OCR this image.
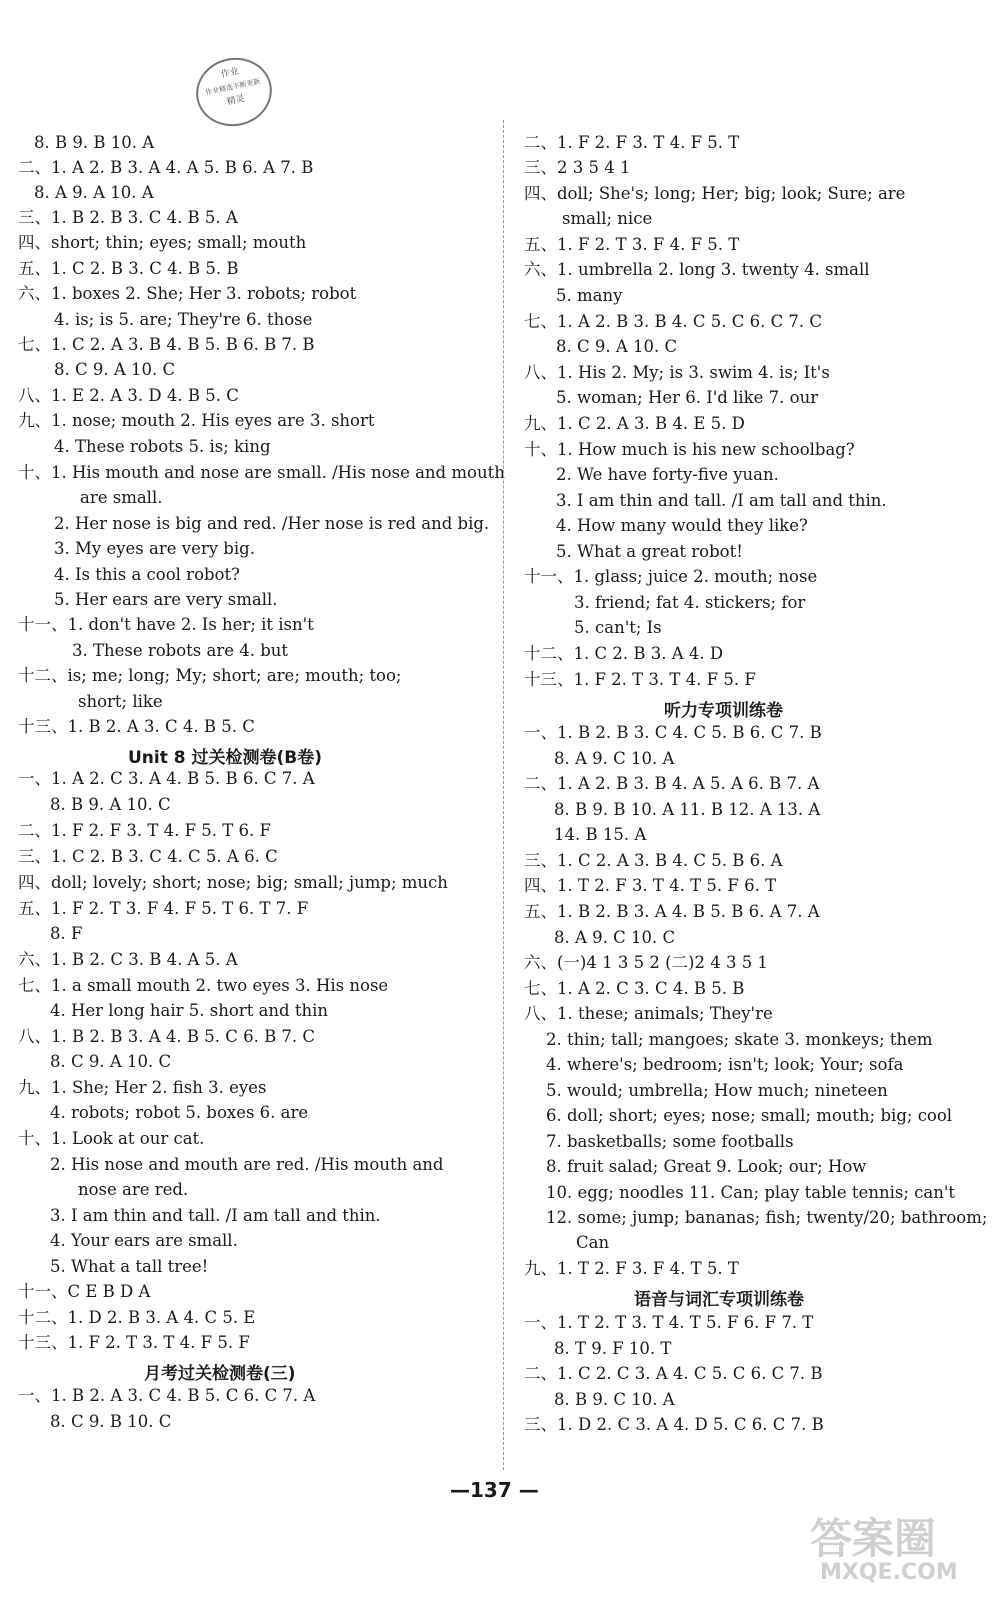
作业
作业精选不断更新
精灵
8. B 9. B 10. A
二、1. A 2. B 3. A 4. A 5. B 6. A 7. B
8. A 9. A 10. A
三、1. B 2. B 3. C 4. B 5. A
四、short; thin; eyes; small; mouth
五、1. C 2. B 3. C 4. B 5. B
六、1. boxes 2. She; Her 3. robots; robot
4. is; is 5. are; They're 6. those
七、1. C 2. A 3. B 4. B 5. B 6. B 7. B
8. C 9. A 10. C
八、1. E 2. A 3. D 4. B 5. C
九、1. nose; mouth 2. His eyes are 3. short
4. These robots 5. is; king
十、1. His mouth and nose are small. /His nose and mouth
are small.
2. Her nose is big and red. /Her nose is red and big.
3. My eyes are very big.
4. Is this a cool robot?
5. Her ears are very small.
十一、1. don't have 2. Is her; it isn't
3. These robots are 4. but
十二、is; me; long; My; short; are; mouth; too;
short; like
十三、1. B 2. A 3. C 4. B 5. C
一、1. A 2. C 3. A 4. B 5. B 6. C 7. A
8. B 9. A 10. C
二、1. F 2. F 3. T 4. F 5. T 6. F
三、1. C 2. B 3. C 4. C 5. A 6. C
四、doll; lovely; short; nose; big; small; jump; much
五、1. F 2. T 3. F 4. F 5. T 6. T 7. F
8. F
六、1. B 2. C 3. B 4. A 5. A
七、1. a small mouth 2. two eyes 3. His nose
4. Her long hair 5. short and thin
八、1. B 2. B 3. A 4. B 5. C 6. B 7. C
8. C 9. A 10. C
九、1. She; Her 2. fish 3. eyes
4. robots; robot 5. boxes 6. are
十、1. Look at our cat.
2. His nose and mouth are red. /His mouth and
nose are red.
3. I am thin and tall. /I am tall and thin.
4. Your ears are small.
5. What a tall tree!
十一、C E B D A
十二、1. D 2. B 3. A 4. C 5. E
十三、1. F 2. T 3. T 4. F 5. F
一、1. B 2. A 3. C 4. B 5. C 6. C 7. A
8. C 9. B 10. C
Unit 8 过关检测卷(B卷)
月考过关检测卷(三)
二、1. F 2. F 3. T 4. F 5. T
三、2 3 5 4 1
四、doll; She's; long; Her; big; look; Sure; are
small; nice
五、1. F 2. T 3. F 4. F 5. T
六、1. umbrella 2. long 3. twenty 4. small
5. many
七、1. A 2. B 3. B 4. C 5. C 6. C 7. C
8. C 9. A 10. C
八、1. His 2. My; is 3. swim 4. is; It's
5. woman; Her 6. I'd like 7. our
九、1. C 2. A 3. B 4. E 5. D
十、1. How much is his new schoolbag?
2. We have forty-five yuan.
3. I am thin and tall. /I am tall and thin.
4. How many would they like?
5. What a great robot!
十一、1. glass; juice 2. mouth; nose
3. friend; fat 4. stickers; for
5. can't; Is
十二、1. C 2. B 3. A 4. D
十三、1. F 2. T 3. T 4. F 5. F
一、1. B 2. B 3. C 4. C 5. B 6. C 7. B
8. A 9. C 10. A
二、1. A 2. B 3. B 4. A 5. A 6. B 7. A
8. B 9. B 10. A 11. B 12. A 13. A
14. B 15. A
三、1. C 2. A 3. B 4. C 5. B 6. A
四、1. T 2. F 3. T 4. T 5. F 6. T
五、1. B 2. B 3. A 4. B 5. B 6. A 7. A
8. A 9. C 10. C
六、(一)4 1 3 5 2 (二)2 4 3 5 1
七、1. A 2. C 3. C 4. B 5. B
八、1. these; animals; They're
2. thin; tall; mangoes; skate 3. monkeys; them
4. where's; bedroom; isn't; look; Your; sofa
5. would; umbrella; How much; nineteen
6. doll; short; eyes; nose; small; mouth; big; cool
7. basketballs; some footballs
8. fruit salad; Great 9. Look; our; How
10. egg; noodles 11. Can; play table tennis; can't
12. some; jump; bananas; fish; twenty/20; bathroom;
Can
九、1. T 2. F 3. F 4. T 5. T
一、1. T 2. T 3. T 4. T 5. F 6. F 7. T
8. T 9. F 10. T
二、1. C 2. C 3. A 4. C 5. C 6. C 7. B
8. B 9. C 10. A
三、1. D 2. C 3. A 4. D 5. C 6. C 7. B
听力专项训练卷
语音与词汇专项训练卷
—137 —
答案圈
MXQE.COM
